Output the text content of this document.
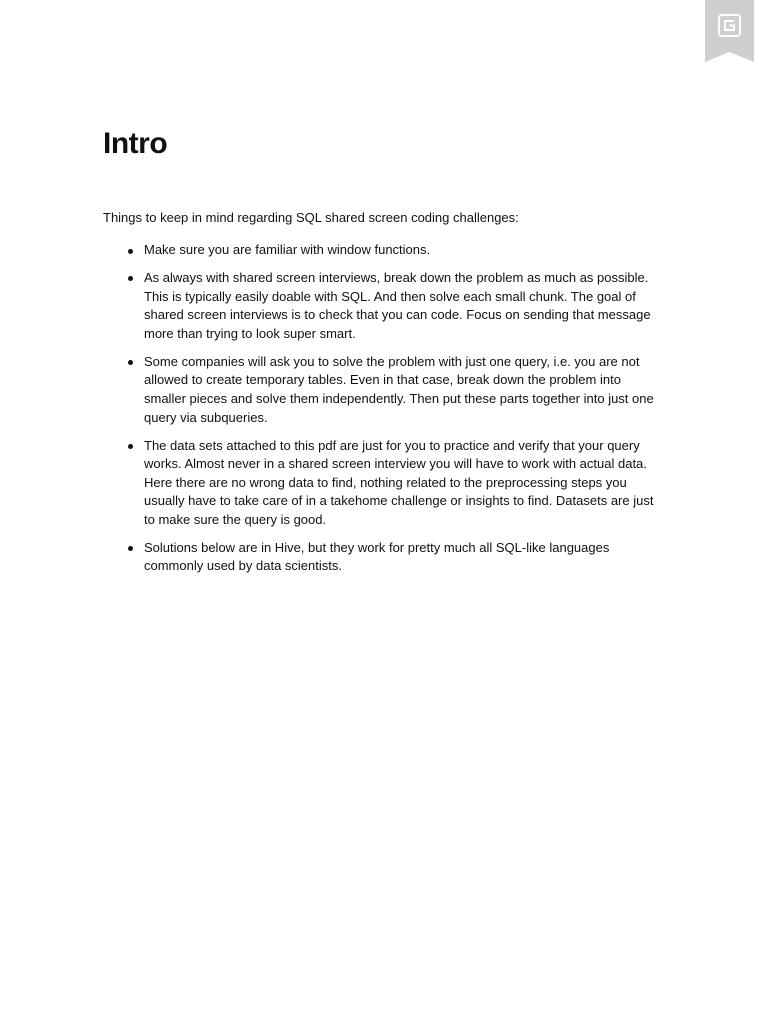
Intro

Things to keep in mind regarding SQL shared screen coding challenges:

Make sure you are familiar with window functions.
As always with shared screen interviews, break down the problem as much as possible. This is typically easily doable with SQL. And then solve each small chunk. The goal of shared screen interviews is to check that you can code. Focus on sending that message more than trying to look super smart.
Some companies will ask you to solve the problem with just one query, i.e. you are not allowed to create temporary tables. Even in that case, break down the problem into smaller pieces and solve them independently. Then put these parts together into just one query via subqueries.
The data sets attached to this pdf are just for you to practice and verify that your query works. Almost never in a shared screen interview you will have to work with actual data. Here there are no wrong data to find, nothing related to the preprocessing steps you usually have to take care of in a takehome challenge or insights to find. Datasets are just to make sure the query is good.
Solutions below are in Hive, but they work for pretty much all SQL-like languages commonly used by data scientists.
